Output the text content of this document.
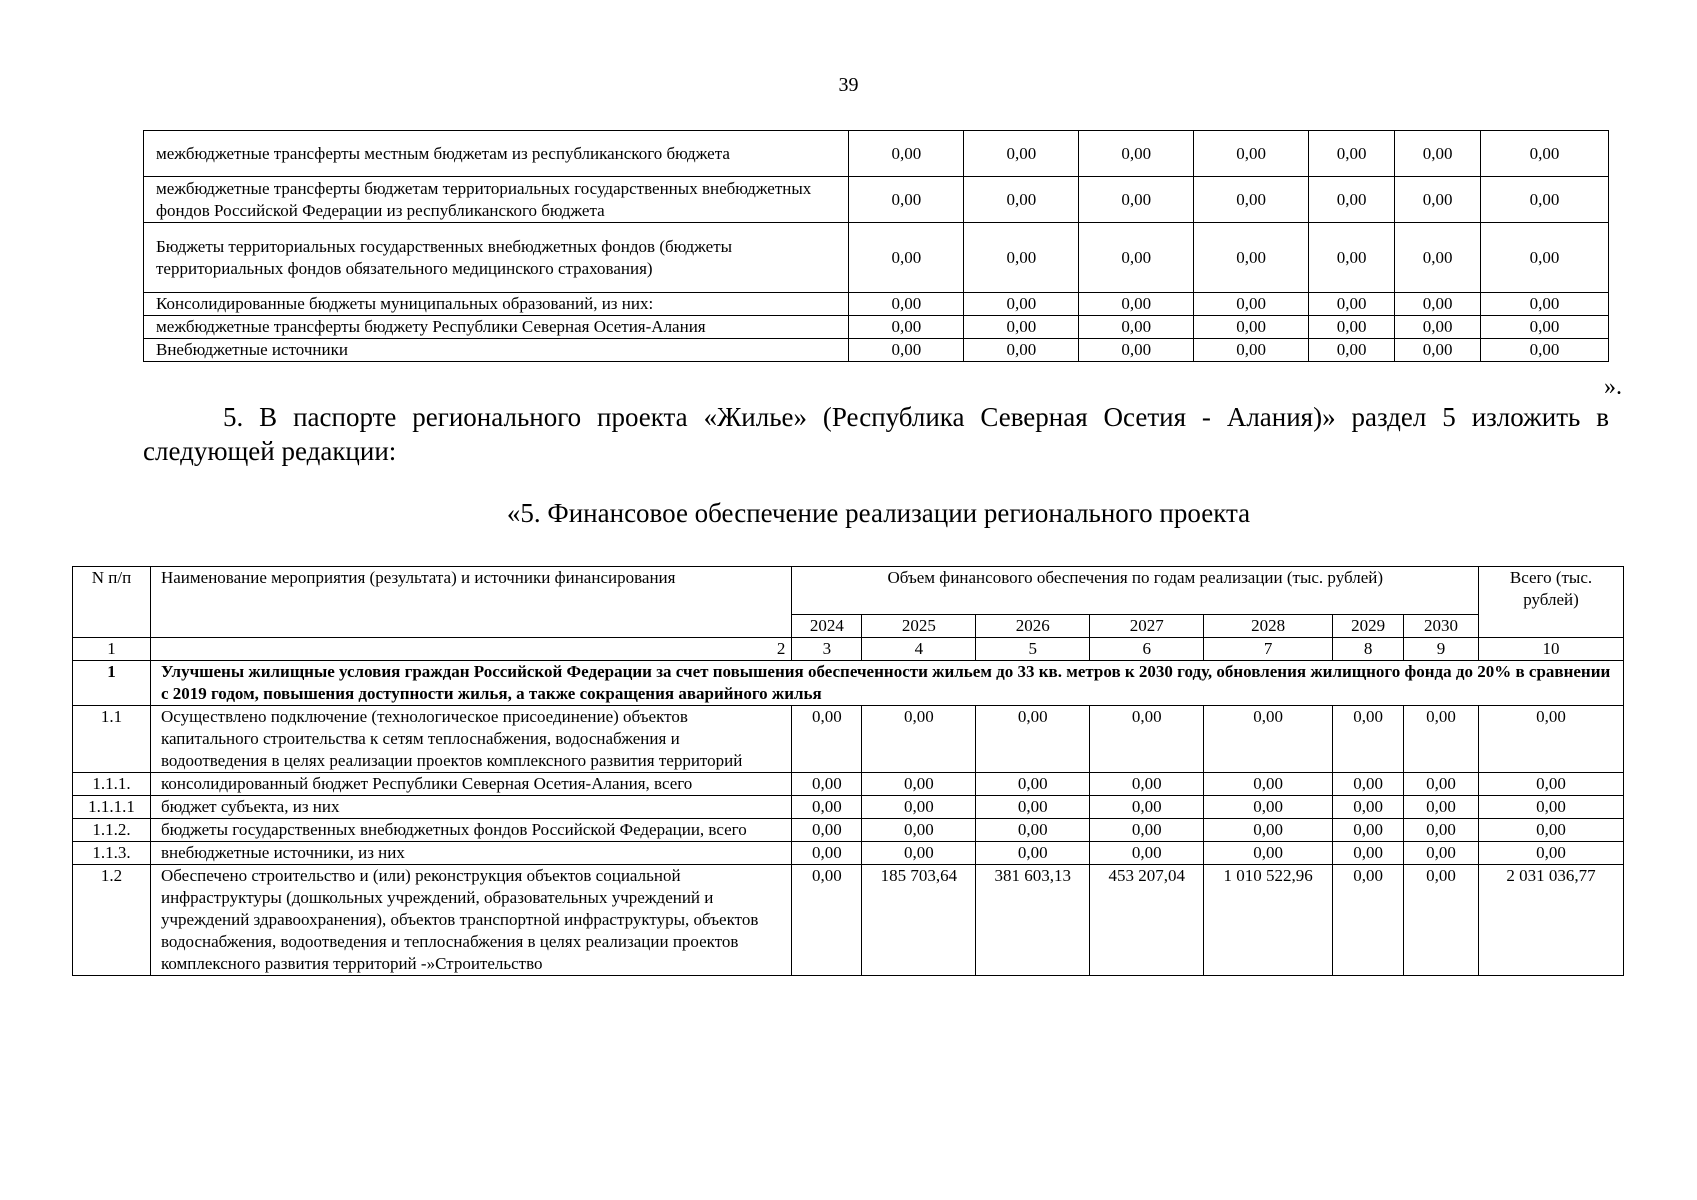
39
межбюджетные трансферты местным бюджетам из республиканского бюджета	0,00	0,00	0,00	0,00	0,00	0,00	0,00
межбюджетные трансферты бюджетам территориальных государственных внебюджетных фондов Российской Федерации из республиканского бюджета	0,00	0,00	0,00	0,00	0,00	0,00	0,00
Бюджеты территориальных государственных внебюджетных фондов (бюджеты территориальных фондов обязательного медицинского страхования)	0,00	0,00	0,00	0,00	0,00	0,00	0,00
Консолидированные бюджеты муниципальных образований, из них:	0,00	0,00	0,00	0,00	0,00	0,00	0,00
межбюджетные трансферты бюджету Республики Северная Осетия-Алания	0,00	0,00	0,00	0,00	0,00	0,00	0,00
Внебюджетные источники	0,00	0,00	0,00	0,00	0,00	0,00	0,00
».
5. В паспорте регионального проекта «Жилье» (Республика Северная Осетия - Алания)» раздел 5 изложить в следующей редакции:
«5. Финансовое обеспечение реализации регионального проекта
N п/п	Наименование мероприятия (результата) и источники финансирования	Объем финансового обеспечения по годам реализации (тыс. рублей)							Всего (тыс. рублей)
		2024	2025	2026	2027	2028	2029	2030	
1	2	3	4	5	6	7	8	9	10
1	Улучшены жилищные условия граждан Российской Федерации за счет повышения обеспеченности жильем до 33 кв. метров к 2030 году, обновления жилищного фонда до 20% в сравнении с 2019 годом, повышения доступности жилья, а также сокращения аварийного жилья								
1.1	Осуществлено подключение (технологическое присоединение) объектов капитального строительства к сетям теплоснабжения, водоснабжения и водоотведения в целях реализации проектов комплексного развития территорий	0,00	0,00	0,00	0,00	0,00	0,00	0,00	0,00
1.1.1.	консолидированный бюджет Республики Северная Осетия-Алания, всего	0,00	0,00	0,00	0,00	0,00	0,00	0,00	0,00
1.1.1.1	бюджет субъекта, из них	0,00	0,00	0,00	0,00	0,00	0,00	0,00	0,00
1.1.2.	бюджеты государственных внебюджетных фондов Российской Федерации, всего	0,00	0,00	0,00	0,00	0,00	0,00	0,00	0,00
1.1.3.	внебюджетные источники, из них	0,00	0,00	0,00	0,00	0,00	0,00	0,00	0,00
1.2	Обеспечено строительство и (или) реконструкция объектов социальной инфраструктуры (дошкольных учреждений, образовательных учреждений и учреждений здравоохранения), объектов транспортной инфраструктуры, объектов водоснабжения, водоотведения и теплоснабжения в целях реализации проектов комплексного развития территорий -»Строительство	0,00	185 703,64	381 603,13	453 207,04	1 010 522,96	0,00	0,00	2 031 036,77
